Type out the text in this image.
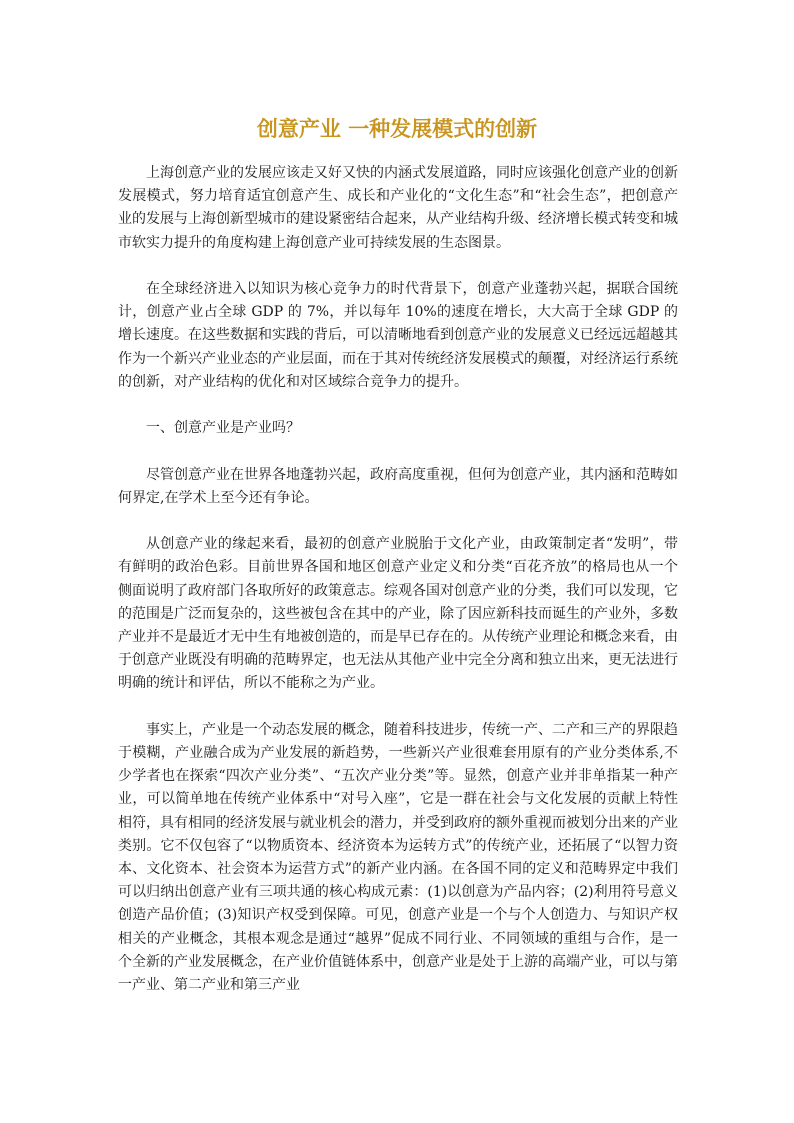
创意产业 一种发展模式的创新

上海创意产业的发展应该走又好又快的内涵式发展道路，同时应该强化创意产业的创新发展模式，努力培育适宜创意产生、成长和产业化的“文化生态”和“社会生态”，把创意产业的发展与上海创新型城市的建设紧密结合起来，从产业结构升级、经济增长模式转变和城市软实力提升的角度构建上海创意产业可持续发展的生态图景。

在全球经济进入以知识为核心竞争力的时代背景下，创意产业蓬勃兴起，据联合国统计，创意产业占全球 GDP 的 7%，并以每年 10%的速度在增长，大大高于全球 GDP 的增长速度。在这些数据和实践的背后，可以清晰地看到创意产业的发展意义已经远远超越其作为一个新兴产业业态的产业层面，而在于其对传统经济发展模式的颠覆，对经济运行系统的创新，对产业结构的优化和对区域综合竞争力的提升。

一、创意产业是产业吗？

尽管创意产业在世界各地蓬勃兴起，政府高度重视，但何为创意产业，其内涵和范畴如何界定,在学术上至今还有争论。

从创意产业的缘起来看，最初的创意产业脱胎于文化产业，由政策制定者“发明”，带有鲜明的政治色彩。目前世界各国和地区创意产业定义和分类“百花齐放”的格局也从一个侧面说明了政府部门各取所好的政策意志。综观各国对创意产业的分类，我们可以发现，它的范围是广泛而复杂的，这些被包含在其中的产业，除了因应新科技而诞生的产业外，多数产业并不是最近才无中生有地被创造的，而是早已存在的。从传统产业理论和概念来看，由于创意产业既没有明确的范畴界定，也无法从其他产业中完全分离和独立出来，更无法进行明确的统计和评估，所以不能称之为产业。

事实上，产业是一个动态发展的概念，随着科技进步，传统一产、二产和三产的界限趋于模糊，产业融合成为产业发展的新趋势，一些新兴产业很难套用原有的产业分类体系,不少学者也在探索“四次产业分类”、“五次产业分类”等。显然，创意产业并非单指某一种产业，可以简单地在传统产业体系中“对号入座”，它是一群在社会与文化发展的贡献上特性相符，具有相同的经济发展与就业机会的潜力，并受到政府的额外重视而被划分出来的产业类别。它不仅包容了“以物质资本、经济资本为运转方式”的传统产业，还拓展了“以智力资本、文化资本、社会资本为运营方式”的新产业内涵。在各国不同的定义和范畴界定中我们可以归纳出创意产业有三项共通的核心构成元素：(1)以创意为产品内容；(2)利用符号意义创造产品价值；(3)知识产权受到保障。可见，创意产业是一个与个人创造力、与知识产权相关的产业概念，其根本观念是通过“越界”促成不同行业、不同领域的重组与合作，是一个全新的产业发展概念，在产业价值链体系中，创意产业是处于上游的高端产业，可以与第一产业、第二产业和第三产业
